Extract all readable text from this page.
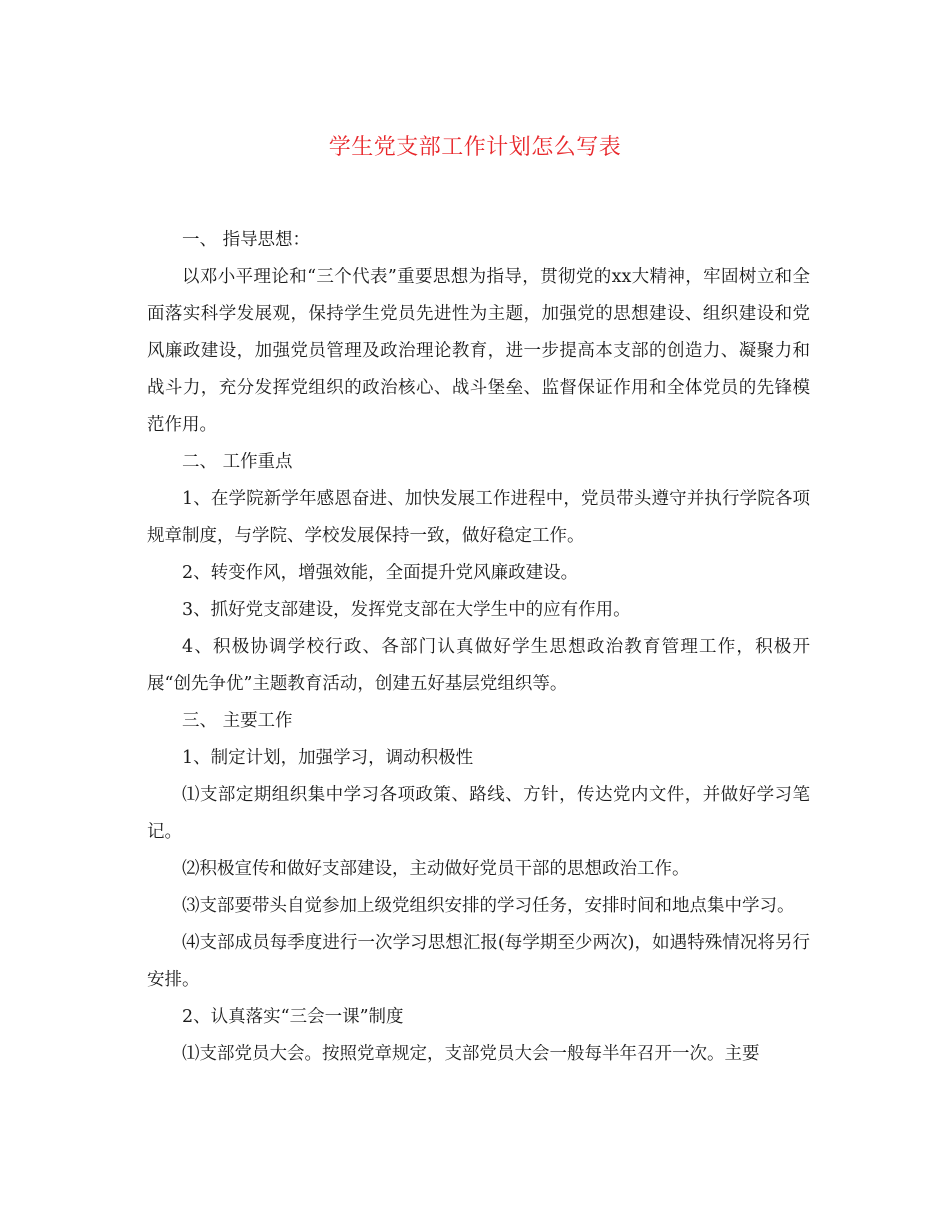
学生党支部工作计划怎么写表

一、 指导思想：

以邓小平理论和“三个代表”重要思想为指导，贯彻党的xx大精神，牢固树立和全面落实科学发展观，保持学生党员先进性为主题，加强党的思想建设、组织建设和党风廉政建设，加强党员管理及政治理论教育，进一步提高本支部的创造力、凝聚力和战斗力，充分发挥党组织的政治核心、战斗堡垒、监督保证作用和全体党员的先锋模范作用。

二、 工作重点

1、在学院新学年感恩奋进、加快发展工作进程中，党员带头遵守并执行学院各项规章制度，与学院、学校发展保持一致，做好稳定工作。

2、转变作风，增强效能，全面提升党风廉政建设。

3、抓好党支部建设，发挥党支部在大学生中的应有作用。

4、积极协调学校行政、各部门认真做好学生思想政治教育管理工作，积极开展“创先争优”主题教育活动，创建五好基层党组织等。

三、 主要工作

1、制定计划，加强学习，调动积极性

⑴支部定期组织集中学习各项政策、路线、方针，传达党内文件，并做好学习笔记。

⑵积极宣传和做好支部建设，主动做好党员干部的思想政治工作。

⑶支部要带头自觉参加上级党组织安排的学习任务，安排时间和地点集中学习。

⑷支部成员每季度进行一次学习思想汇报(每学期至少两次)，如遇特殊情况将另行安排。

2、认真落实“三会一课”制度

⑴支部党员大会。按照党章规定，支部党员大会一般每半年召开一次。主要
